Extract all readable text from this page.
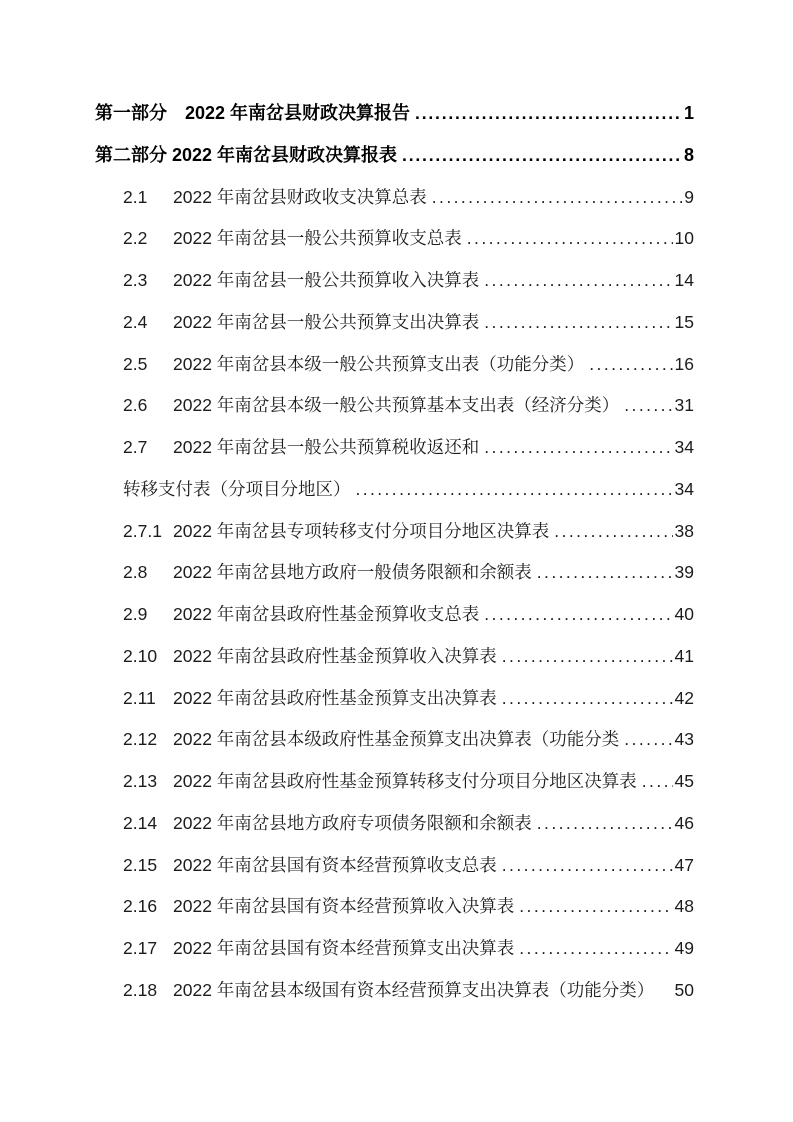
第一部分　2022 年南岔县财政决算报告 .....	1
第二部分 2022 年南岔县财政决算报表 .....	8
2.1	2022 年南岔县财政收支决算总表 .....	9
2.2	2022 年南岔县一般公共预算收支总表 .....	10
2.3	2022 年南岔县一般公共预算收入决算表 .....	14
2.4	2022 年南岔县一般公共预算支出决算表 .....	15
2.5	2022 年南岔县本级一般公共预算支出表（功能分类） .....	16
2.6	2022 年南岔县本级一般公共预算基本支出表（经济分类） .....	31
2.7	2022 年南岔县一般公共预算税收返还和 .....	34
转移支付表（分项目分地区） .....	34
2.7.1 2022 年南岔县专项转移支付分项目分地区决算表 .....	38
2.8	2022 年南岔县地方政府一般债务限额和余额表 .....	39
2.9	2022 年南岔县政府性基金预算收支总表 .....	40
2.10 2022 年南岔县政府性基金预算收入决算表 .....	41
2.11 2022 年南岔县政府性基金预算支出决算表 .....	42
2.12 2022 年南岔县本级政府性基金预算支出决算表（功能分类 .....	43
2.13 2022 年南岔县政府性基金预算转移支付分项目分地区决算表 ..... 45
2.14 2022 年南岔县地方政府专项债务限额和余额表 .....	46
2.15 2022 年南岔县国有资本经营预算收支总表 .....	47
2.16 2022 年南岔县国有资本经营预算收入决算表 .....	48
2.17 2022 年南岔县国有资本经营预算支出决算表 .....	49
2.18 2022 年南岔县本级国有资本经营预算支出决算表（功能分类） 50
